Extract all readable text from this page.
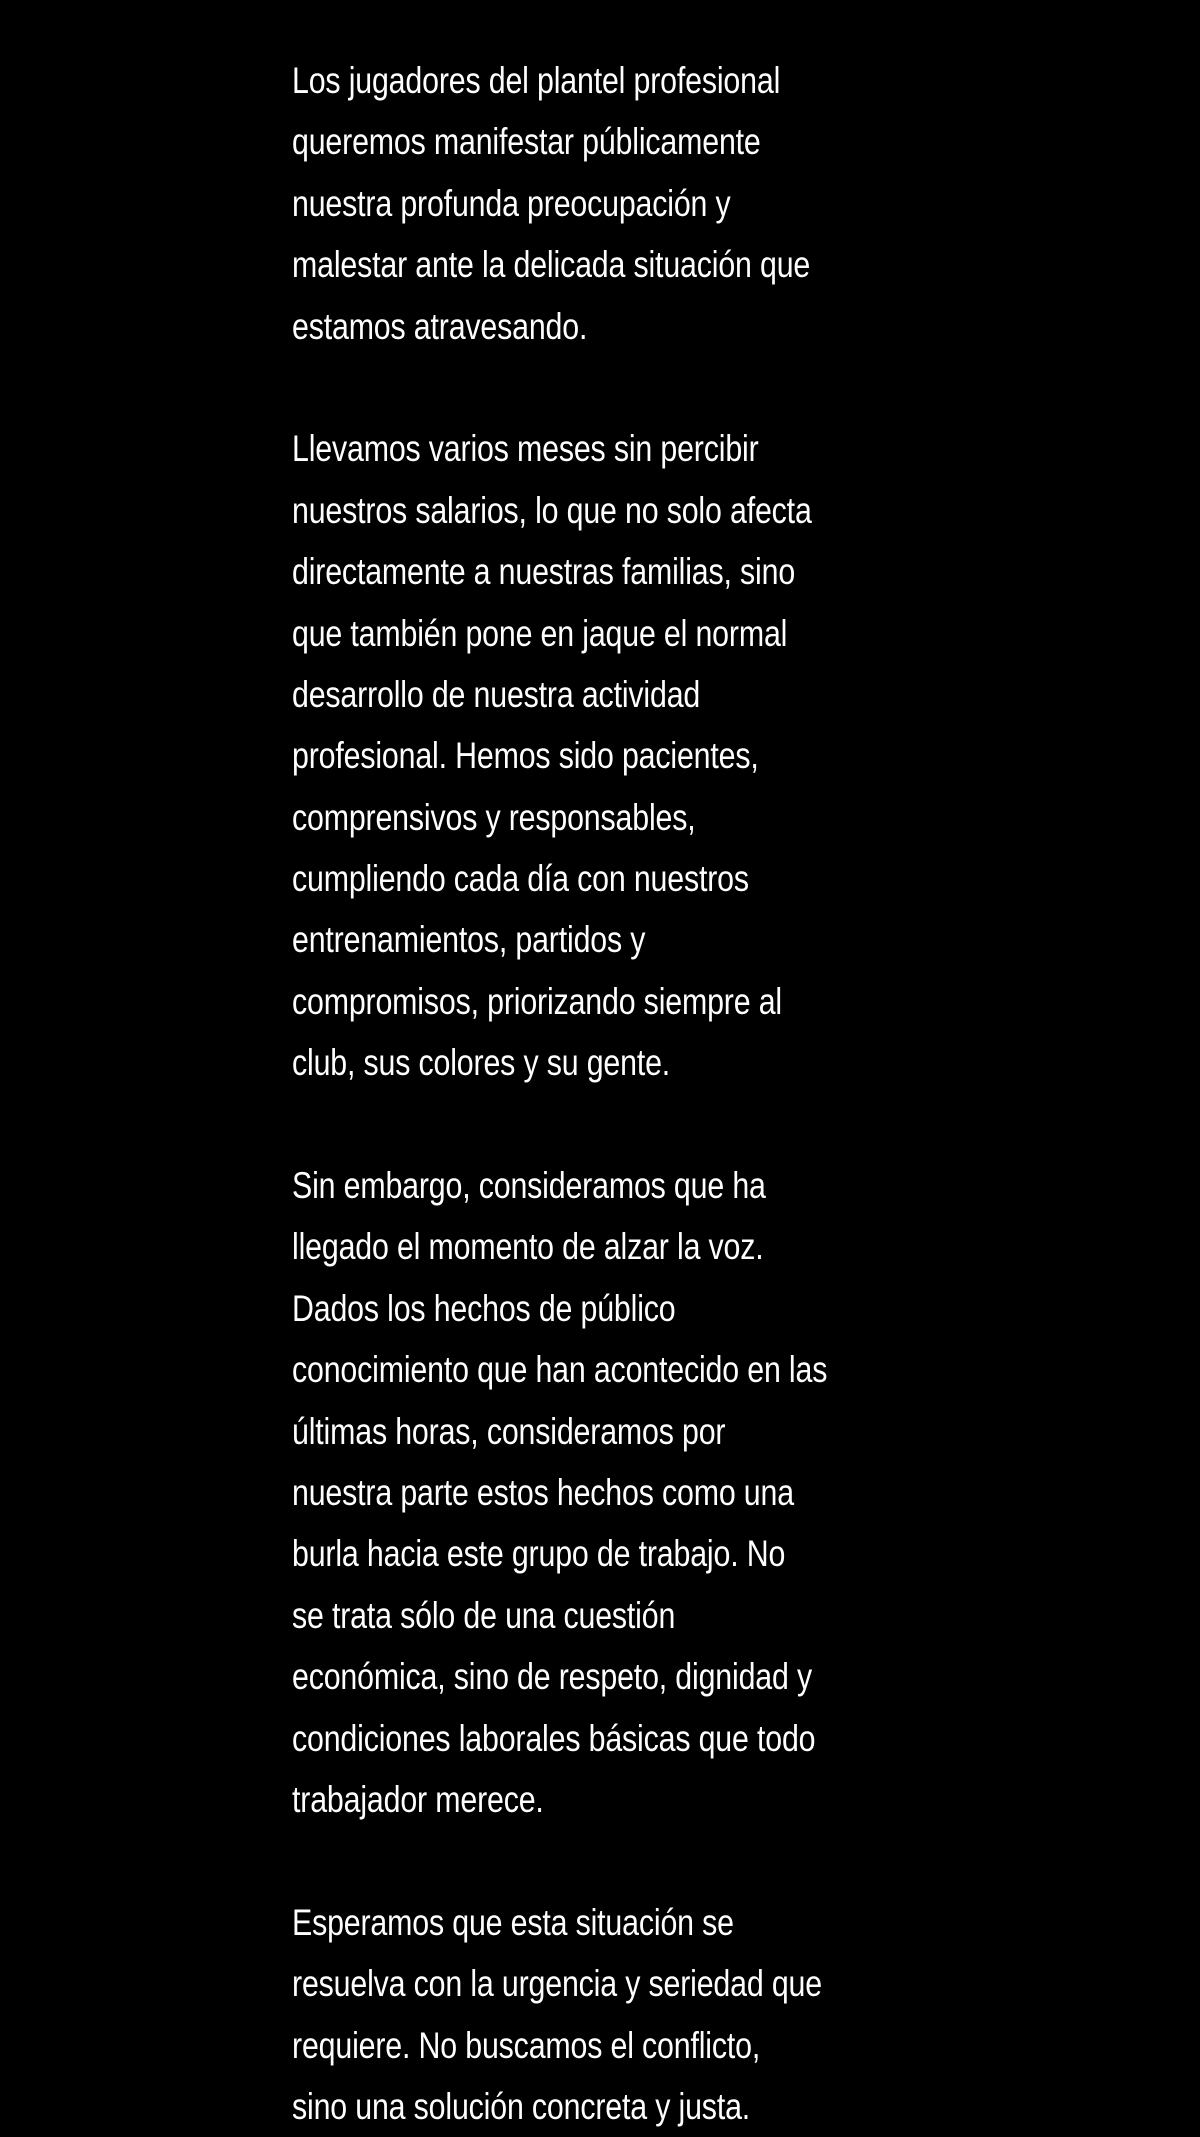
Los jugadores del plantel profesional
queremos manifestar públicamente
nuestra profunda preocupación y
malestar ante la delicada situación que
estamos atravesando.
Llevamos varios meses sin percibir
nuestros salarios, lo que no solo afecta
directamente a nuestras familias, sino
que también pone en jaque el normal
desarrollo de nuestra actividad
profesional. Hemos sido pacientes,
comprensivos y responsables,
cumpliendo cada día con nuestros
entrenamientos, partidos y
compromisos, priorizando siempre al
club, sus colores y su gente.
Sin embargo, consideramos que ha
llegado el momento de alzar la voz.
Dados los hechos de público
conocimiento que han acontecido en las
últimas horas, consideramos por
nuestra parte estos hechos como una
burla hacia este grupo de trabajo. No
se trata sólo de una cuestión
económica, sino de respeto, dignidad y
condiciones laborales básicas que todo
trabajador merece.
Esperamos que esta situación se
resuelva con la urgencia y seriedad que
requiere. No buscamos el conflicto,
sino una solución concreta y justa.
